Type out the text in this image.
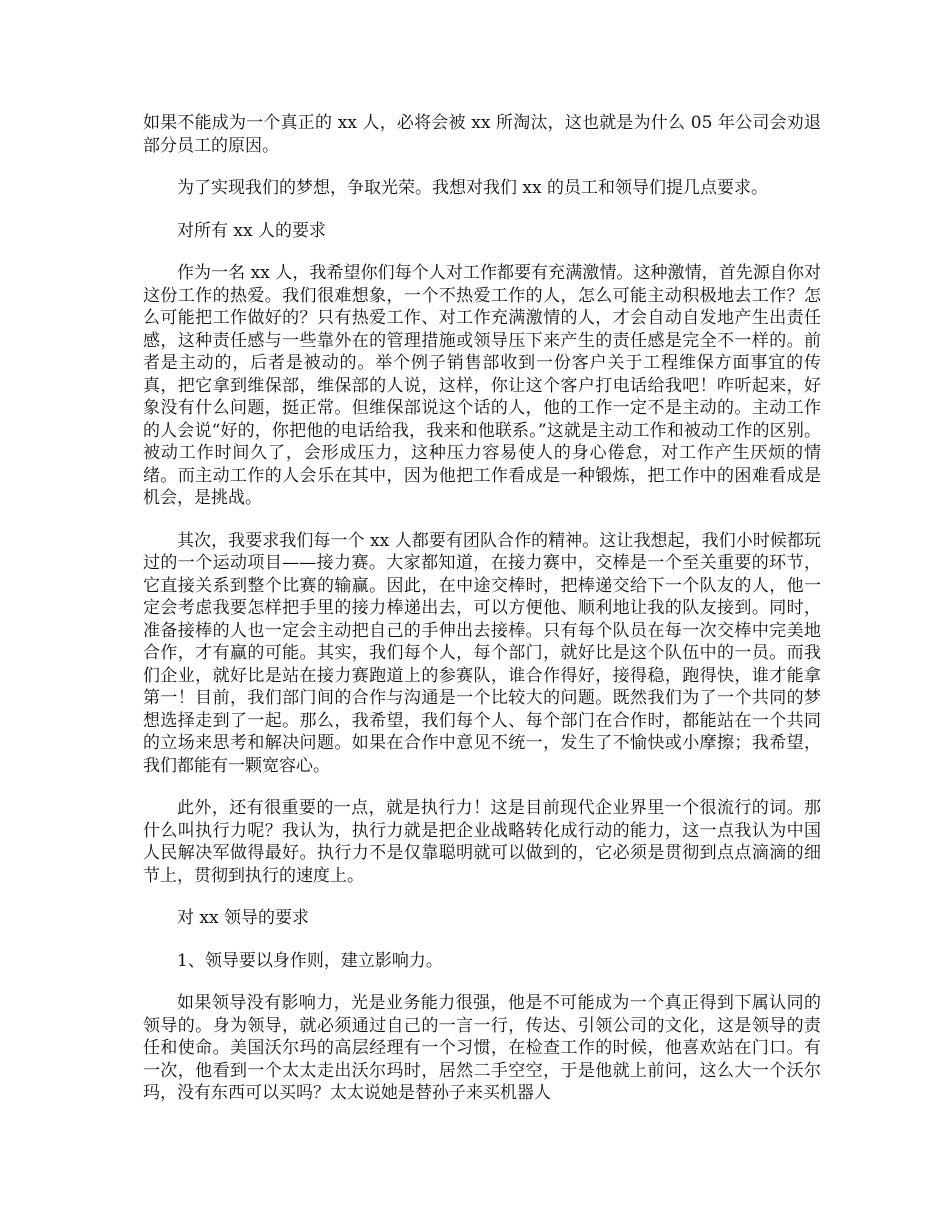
如果不能成为一个真正的 xx 人，必将会被 xx 所淘汰，这也就是为什么 05 年公司会劝退部分员工的原因。

为了实现我们的梦想，争取光荣。我想对我们 xx 的员工和领导们提几点要求。

对所有 xx 人的要求

作为一名 xx 人，我希望你们每个人对工作都要有充满激情。这种激情，首先源自你对这份工作的热爱。我们很难想象，一个不热爱工作的人，怎么可能主动积极地去工作？怎么可能把工作做好的？只有热爱工作、对工作充满激情的人，才会自动自发地产生出责任感，这种责任感与一些靠外在的管理措施或领导压下来产生的责任感是完全不一样的。前者是主动的，后者是被动的。举个例子销售部收到一份客户关于工程维保方面事宜的传真，把它拿到维保部，维保部的人说，这样，你让这个客户打电话给我吧！咋听起来，好象没有什么问题，挺正常。但维保部说这个话的人，他的工作一定不是主动的。主动工作的人会说“好的，你把他的电话给我，我来和他联系。”这就是主动工作和被动工作的区别。被动工作时间久了，会形成压力，这种压力容易使人的身心倦怠，对工作产生厌烦的情绪。而主动工作的人会乐在其中，因为他把工作看成是一种锻炼，把工作中的困难看成是机会，是挑战。

其次，我要求我们每一个 xx 人都要有团队合作的精神。这让我想起，我们小时候都玩过的一个运动项目——接力赛。大家都知道，在接力赛中，交棒是一个至关重要的环节，它直接关系到整个比赛的输赢。因此，在中途交棒时，把棒递交给下一个队友的人，他一定会考虑我要怎样把手里的接力棒递出去，可以方便他、顺利地让我的队友接到。同时，准备接棒的人也一定会主动把自己的手伸出去接棒。只有每个队员在每一次交棒中完美地合作，才有赢的可能。其实，我们每个人，每个部门，就好比是这个队伍中的一员。而我们企业，就好比是站在接力赛跑道上的参赛队，谁合作得好，接得稳，跑得快，谁才能拿第一！目前，我们部门间的合作与沟通是一个比较大的问题。既然我们为了一个共同的梦想选择走到了一起。那么，我希望，我们每个人、每个部门在合作时，都能站在一个共同的立场来思考和解决问题。如果在合作中意见不统一，发生了不愉快或小摩擦；我希望，我们都能有一颗宽容心。

此外，还有很重要的一点，就是执行力！这是目前现代企业界里一个很流行的词。那什么叫执行力呢？我认为，执行力就是把企业战略转化成行动的能力，这一点我认为中国人民解决军做得最好。执行力不是仅靠聪明就可以做到的，它必须是贯彻到点点滴滴的细节上，贯彻到执行的速度上。

对 xx 领导的要求

1、领导要以身作则，建立影响力。

如果领导没有影响力，光是业务能力很强，他是不可能成为一个真正得到下属认同的领导的。身为领导，就必须通过自己的一言一行，传达、引领公司的文化，这是领导的责任和使命。美国沃尔玛的高层经理有一个习惯，在检查工作的时候，他喜欢站在门口。有一次，他看到一个太太走出沃尔玛时，居然二手空空，于是他就上前问，这么大一个沃尔玛，没有东西可以买吗？太太说她是替孙子来买机器人
